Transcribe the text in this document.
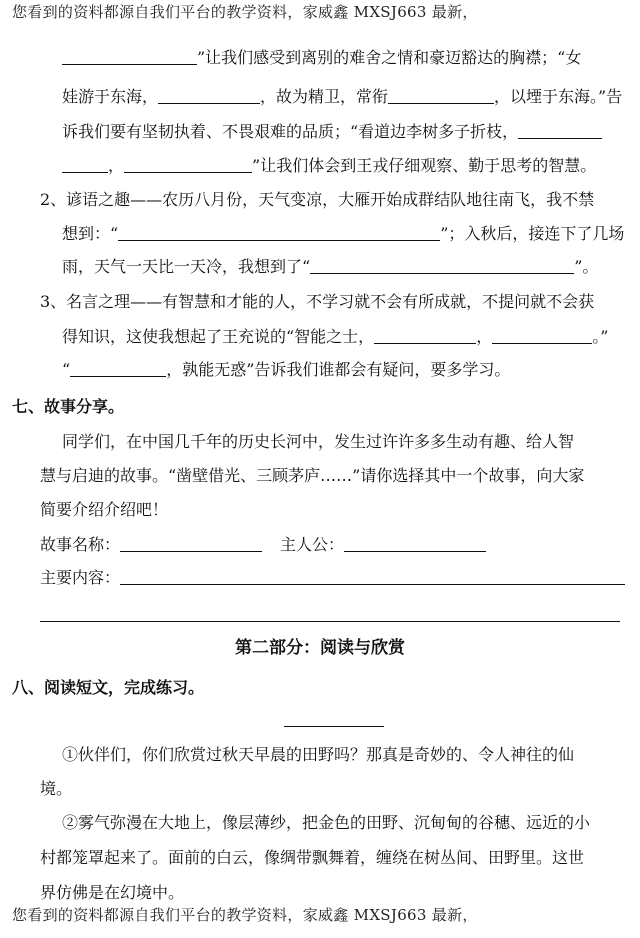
您看到的资料都源自我们平台的教学资料，家威鑫 MXSJ663 最新，
”让我们感受到离别的难舍之情和豪迈豁达的胸襟；“女
娃游于东海，	，故为精卫，常衔	，以堙于东海。”告
诉我们要有坚韧执着、不畏艰难的品质；“看道边李树多子折枝，
，	”让我们体会到王戎仔细观察、勤于思考的智慧。
2、谚语之趣——农历八月份，天气变凉，大雁开始成群结队地往南飞，我不禁
想到：“	”；入秋后，接连下了几场
雨，天气一天比一天冷，我想到了“	”。
3、名言之理——有智慧和才能的人，不学习就不会有所成就，不提问就不会获
得知识，这使我想起了王充说的“智能之士，	，	。”
“	，孰能无惑”告诉我们谁都会有疑问，要多学习。
七、故事分享。
同学们，在中国几千年的历史长河中，发生过许许多多生动有趣、给人智
慧与启迪的故事。“凿壁借光、三顾茅庐……”请你选择其中一个故事，向大家
简要介绍介绍吧！
故事名称：	主人公：
主要内容：
第二部分：阅读与欣赏
八、阅读短文，完成练习。
①伙伴们，你们欣赏过秋天早晨的田野吗？那真是奇妙的、令人神往的仙
境。
②雾气弥漫在大地上，像层薄纱，把金色的田野、沉甸甸的谷穗、远近的小
村都笼罩起来了。面前的白云，像绸带飘舞着，缠绕在树丛间、田野里。这世
界仿佛是在幻境中。
您看到的资料都源自我们平台的教学资料，家威鑫 MXSJ663 最新，
